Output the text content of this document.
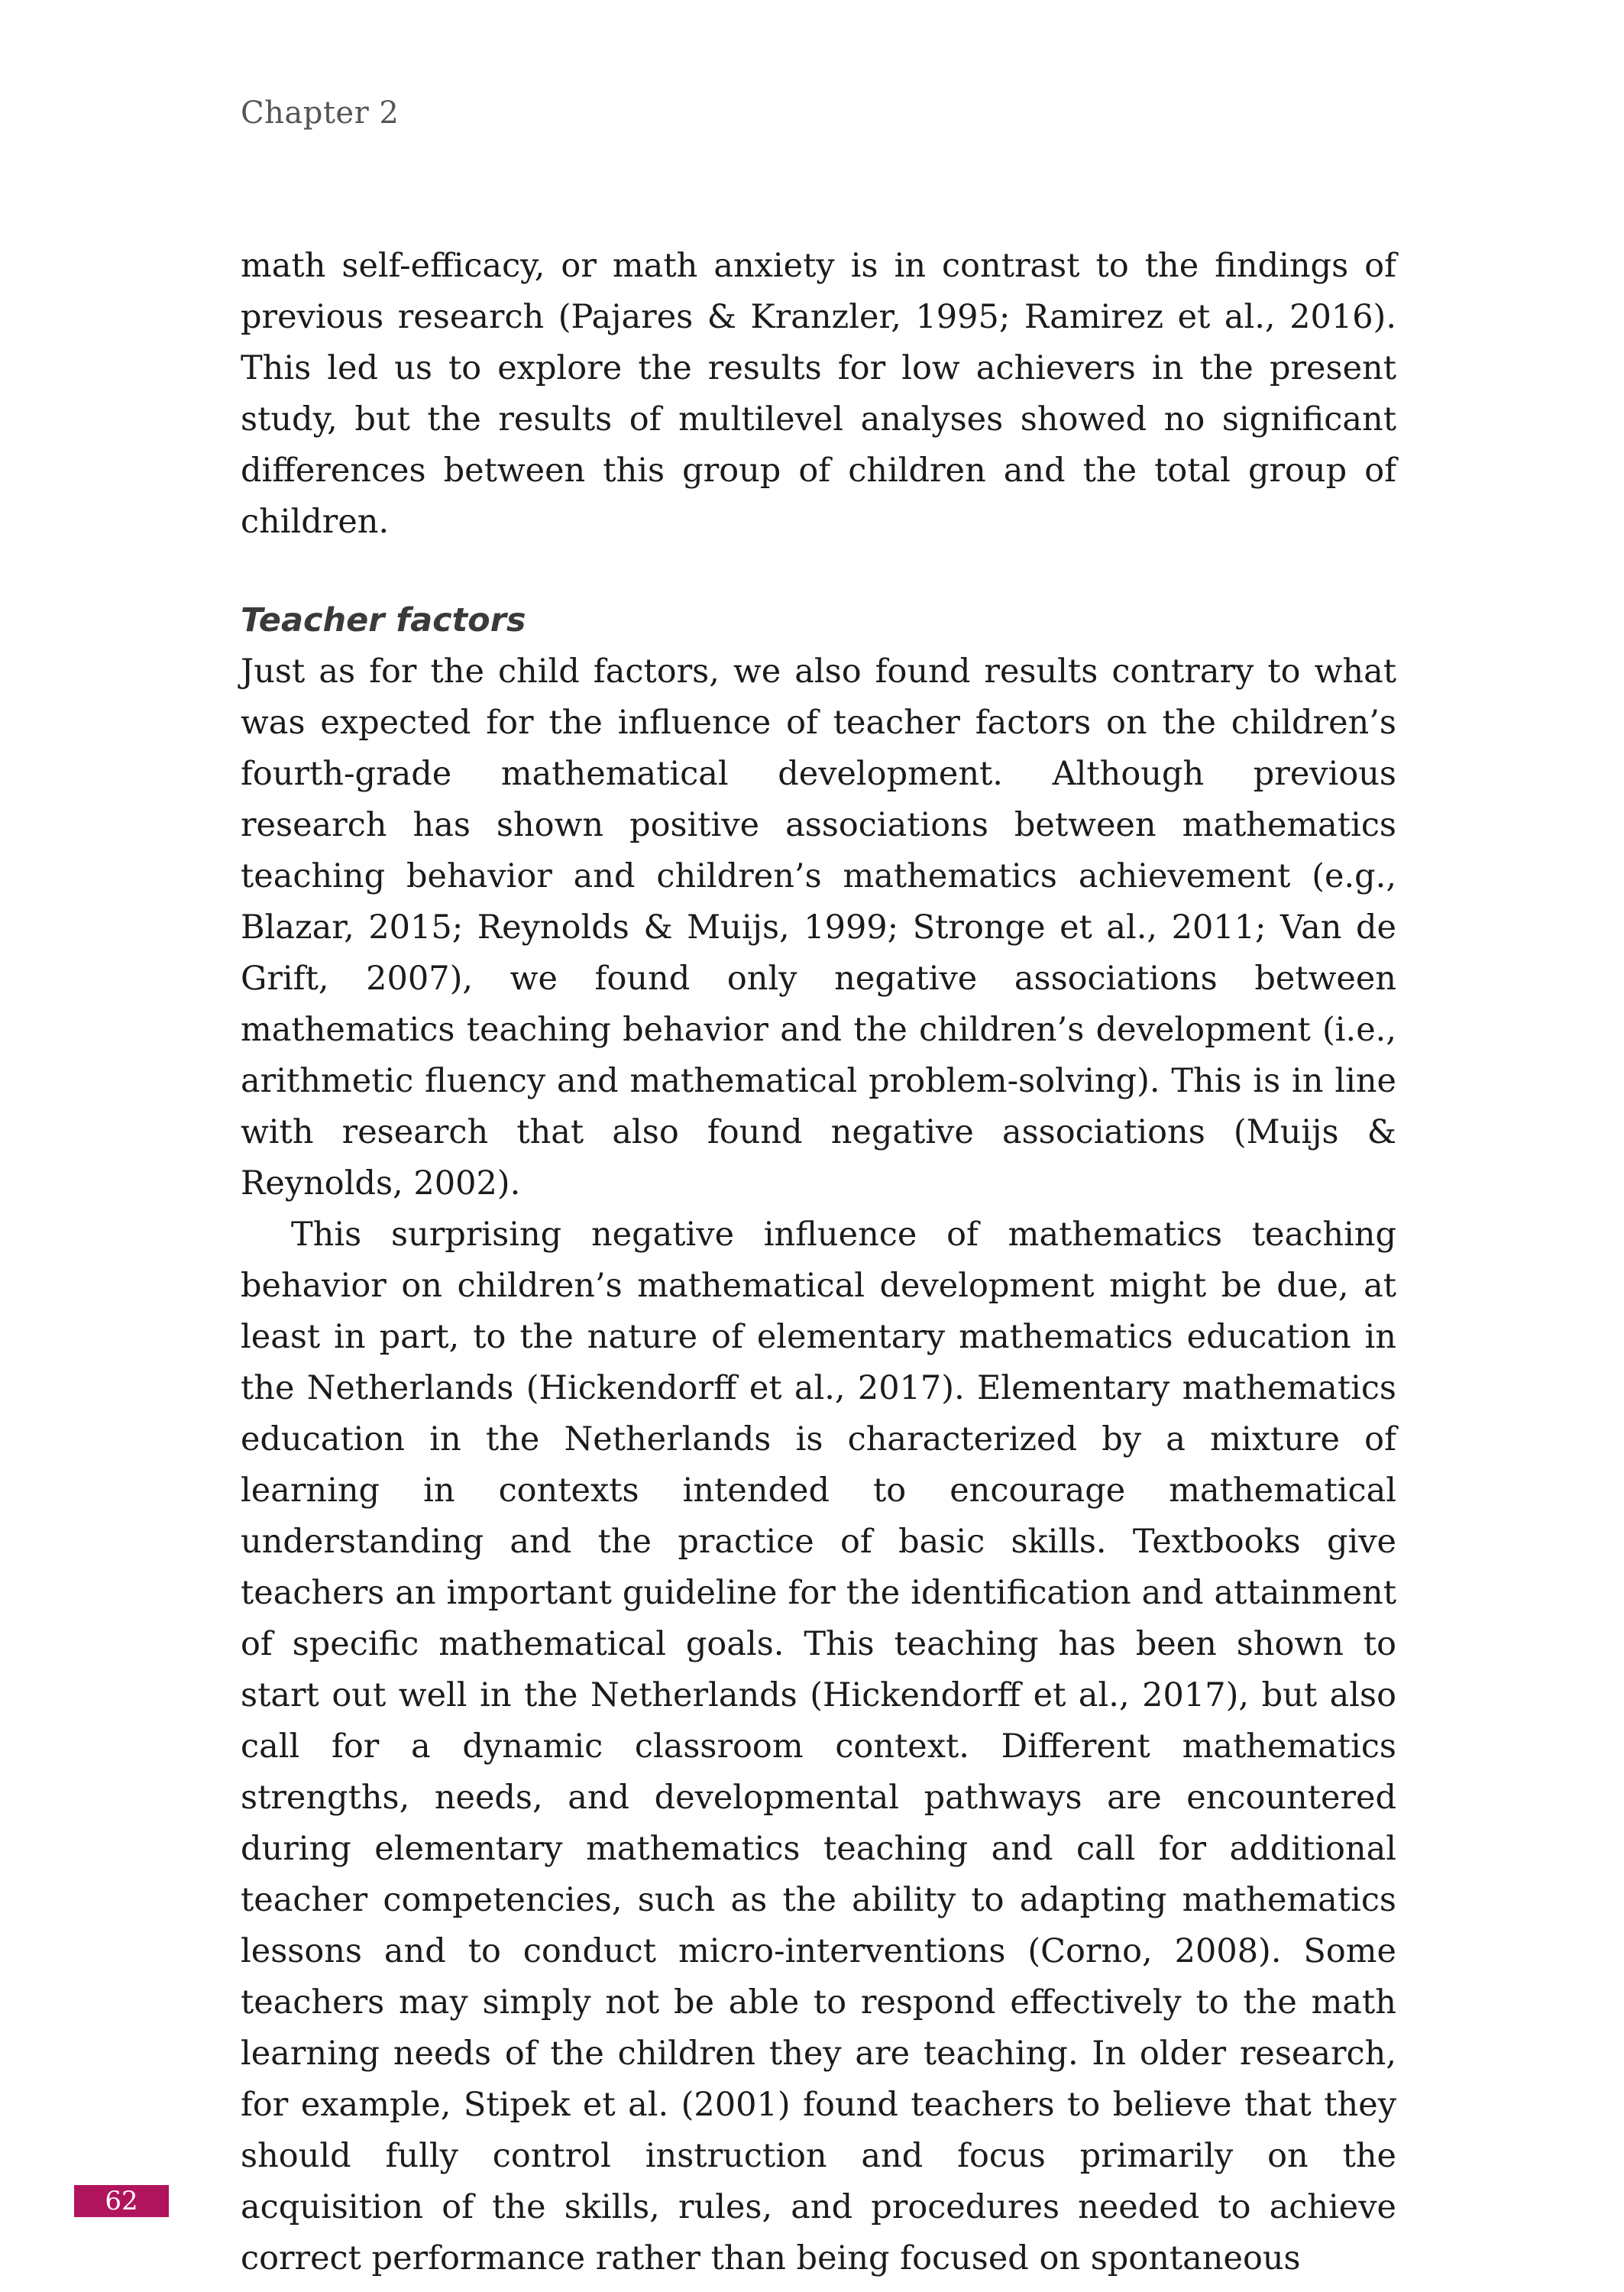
Chapter 2

math self-efficacy, or math anxiety is in contrast to the findings of previous research (Pajares & Kranzler, 1995; Ramirez et al., 2016). This led us to explore the results for low achievers in the present study, but the results of multilevel analyses showed no significant differences between this group of children and the total group of children.

Teacher factors

Just as for the child factors, we also found results contrary to what was expected for the influence of teacher factors on the children’s fourth-grade mathematical development. Although previous research has shown positive associations between mathematics teaching behavior and children’s mathematics achievement (e.g., Blazar, 2015; Reynolds & Muijs, 1999; Stronge et al., 2011; Van de Grift, 2007), we found only negative associations between mathematics teaching behavior and the children’s development (i.e., arithmetic fluency and mathematical problem-solving). This is in line with research that also found negative associations (Muijs & Reynolds, 2002).

This surprising negative influence of mathematics teaching behavior on children’s mathematical development might be due, at least in part, to the nature of elementary mathematics education in the Netherlands (Hickendorff et al., 2017). Elementary mathematics education in the Netherlands is characterized by a mixture of learning in contexts intended to encourage mathematical understanding and the practice of basic skills. Textbooks give teachers an important guideline for the identification and attainment of specific mathematical goals. This teaching has been shown to start out well in the Netherlands (Hickendorff et al., 2017), but also call for a dynamic classroom context. Different mathematics strengths, needs, and developmental pathways are encountered during elementary mathematics teaching and call for additional teacher competencies, such as the ability to adapting mathematics lessons and to conduct micro-interventions (Corno, 2008). Some teachers may simply not be able to respond effectively to the math learning needs of the children they are teaching. In older research, for example, Stipek et al. (2001) found teachers to believe that they should fully control instruction and focus primarily on the acquisition of the skills, rules, and procedures needed to achieve correct performance rather than being focused on spontaneous

62
